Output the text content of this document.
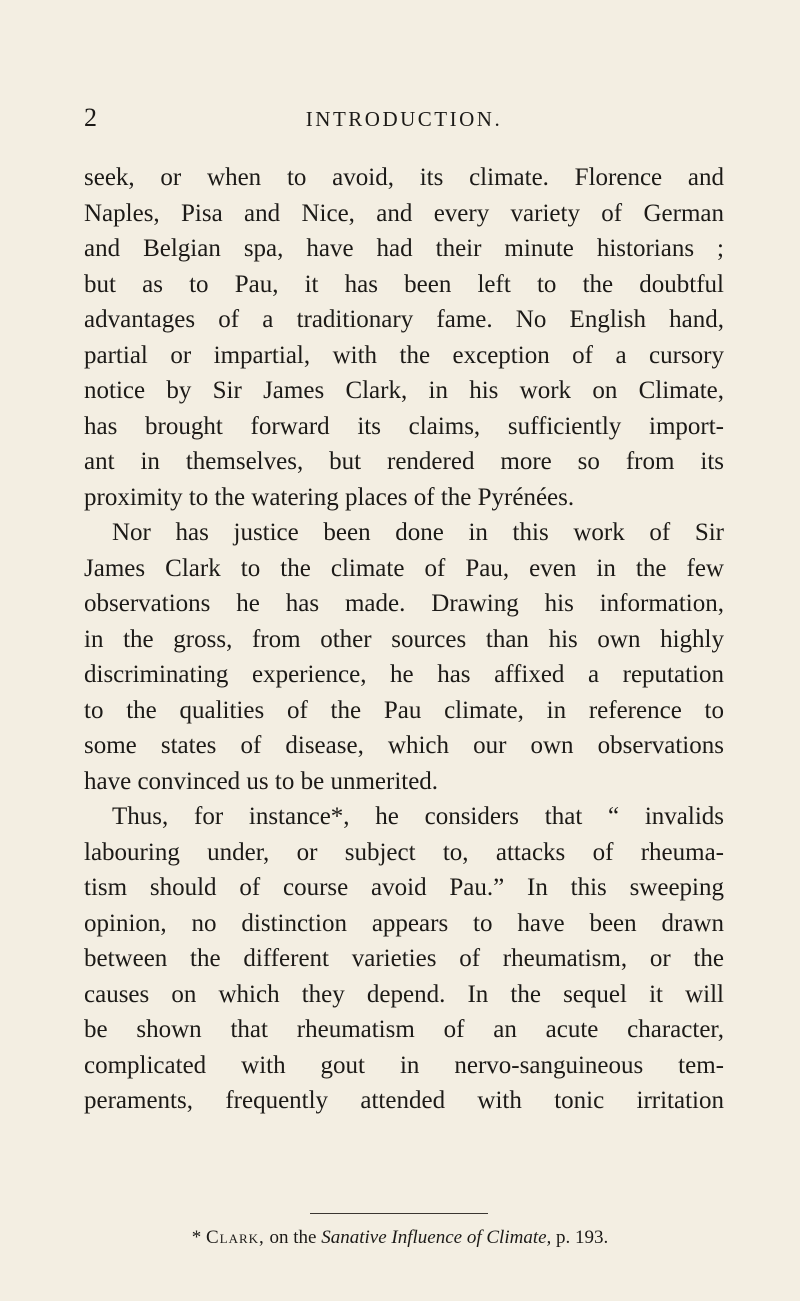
2	INTRODUCTION.
seek, or when to avoid, its climate. Florence and
Naples, Pisa and Nice, and every variety of German
and Belgian spa, have had their minute historians ;
but as to Pau, it has been left to the doubtful
advantages of a traditionary fame. No English hand,
partial or impartial, with the exception of a cursory
notice by Sir James Clark, in his work on Climate,
has brought forward its claims, sufficiently import-
ant in themselves, but rendered more so from its
proximity to the watering places of the Pyrénées.
Nor has justice been done in this work of Sir
James Clark to the climate of Pau, even in the few
observations he has made. Drawing his information,
in the gross, from other sources than his own highly
discriminating experience, he has affixed a reputation
to the qualities of the Pau climate, in reference to
some states of disease, which our own observations
have convinced us to be unmerited.
Thus, for instance*, he considers that “ invalids
labouring under, or subject to, attacks of rheuma-
tism should of course avoid Pau.” In this sweeping
opinion, no distinction appears to have been drawn
between the different varieties of rheumatism, or the
causes on which they depend. In the sequel it will
be shown that rheumatism of an acute character,
complicated with gout in nervo-sanguineous tem-
peraments, frequently attended with tonic irritation
* Clark, on the Sanative Influence of Climate, p. 193.
